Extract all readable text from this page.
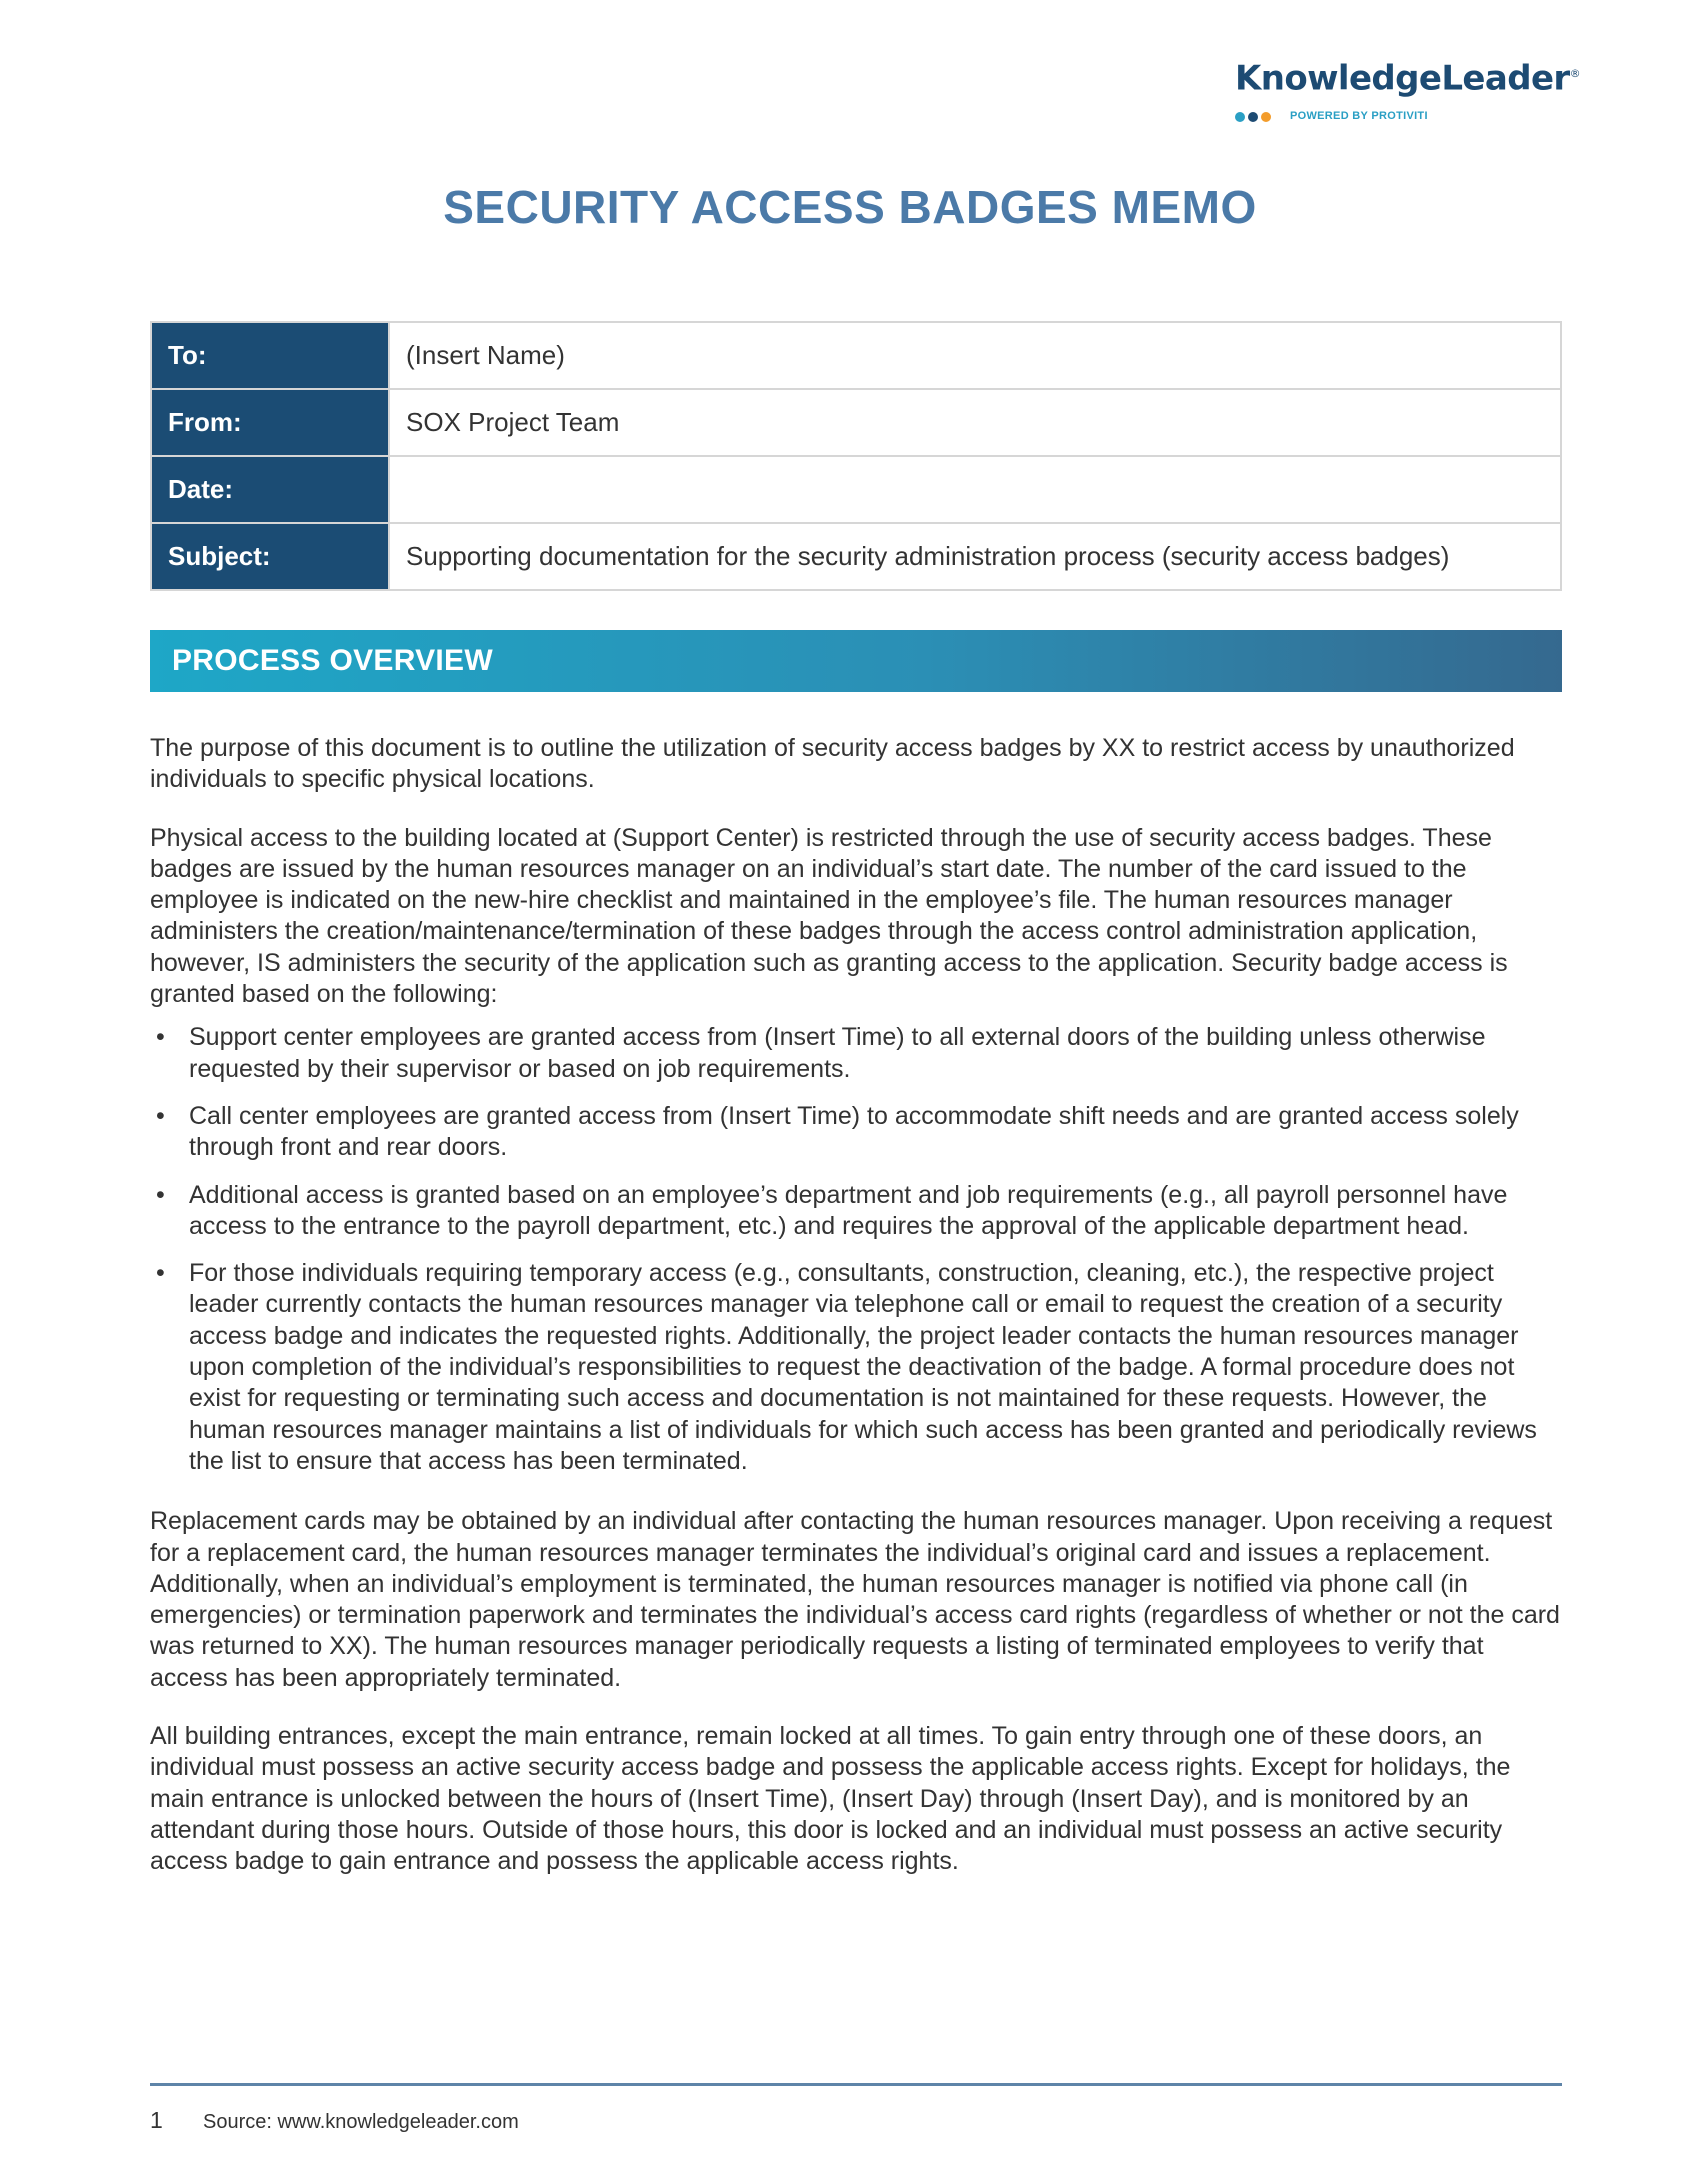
KnowledgeLeader®
POWERED BY PROTIVITI
SECURITY ACCESS BADGES MEMO
To:	(Insert Name)
From:	SOX Project Team
Date:	
Subject:	Supporting documentation for the security administration process (security access badges)
PROCESS OVERVIEW

The purpose of this document is to outline the utilization of security access badges by XX to restrict access by unauthorized individuals to specific physical locations.

Physical access to the building located at (Support Center) is restricted through the use of security access badges. These badges are issued by the human resources manager on an individual’s start date. The number of the card issued to the employee is indicated on the new-hire checklist and maintained in the employee’s file. The human resources manager administers the creation/maintenance/termination of these badges through the access control administration application, however, IS administers the security of the application such as granting access to the application. Security badge access is granted based on the following:

• Support center employees are granted access from (Insert Time) to all external doors of the building unless otherwise requested by their supervisor or based on job requirements.
• Call center employees are granted access from (Insert Time) to accommodate shift needs and are granted access solely through front and rear doors.
• Additional access is granted based on an employee’s department and job requirements (e.g., all payroll personnel have access to the entrance to the payroll department, etc.) and requires the approval of the applicable department head.
• For those individuals requiring temporary access (e.g., consultants, construction, cleaning, etc.), the respective project leader currently contacts the human resources manager via telephone call or email to request the creation of a security access badge and indicates the requested rights. Additionally, the project leader contacts the human resources manager upon completion of the individual’s responsibilities to request the deactivation of the badge. A formal procedure does not exist for requesting or terminating such access and documentation is not maintained for these requests. However, the human resources manager maintains a list of individuals for which such access has been granted and periodically reviews the list to ensure that access has been terminated.

Replacement cards may be obtained by an individual after contacting the human resources manager. Upon receiving a request for a replacement card, the human resources manager terminates the individual’s original card and issues a replacement. Additionally, when an individual’s employment is terminated, the human resources manager is notified via phone call (in emergencies) or termination paperwork and terminates the individual’s access card rights (regardless of whether or not the card was returned to XX). The human resources manager periodically requests a listing of terminated employees to verify that access has been appropriately terminated.

All building entrances, except the main entrance, remain locked at all times. To gain entry through one of these doors, an individual must possess an active security access badge and possess the applicable access rights. Except for holidays, the main entrance is unlocked between the hours of (Insert Time), (Insert Day) through (Insert Day), and is monitored by an attendant during those hours. Outside of those hours, this door is locked and an individual must possess an active security access badge to gain entrance and possess the applicable access rights.

1 Source: www.knowledgeleader.com
